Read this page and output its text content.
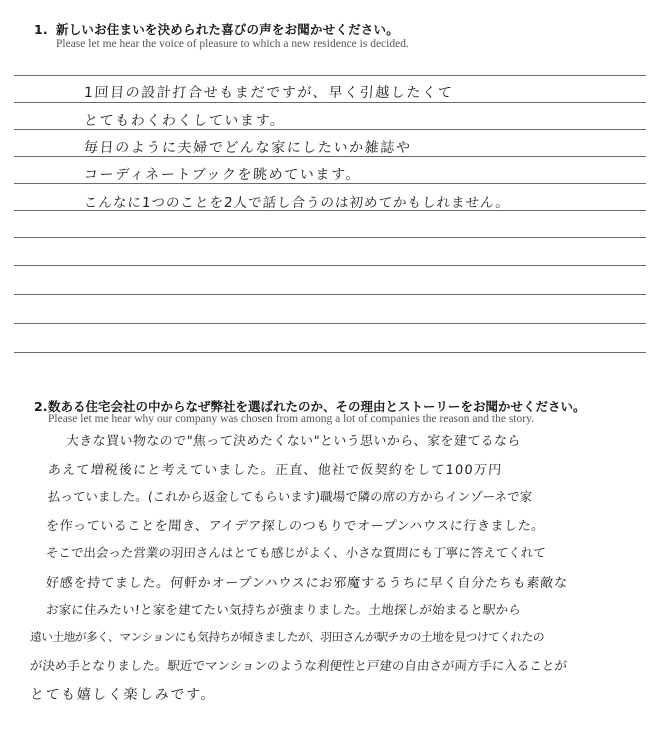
1. 新しいお住まいを決められた喜びの声をお聞かせください。
Please let me hear the voice of pleasure to which a new residence is decided.
1回目の設計打合せもまだですが、早く引越したくて
とてもわくわくしています。
毎日のように夫婦でどんな家にしたいか雑誌や
コーディネートブックを眺めています。
こんなに1つのことを2人で話し合うのは初めてかもしれません。
2.数ある住宅会社の中からなぜ弊社を選ばれたのか、その理由とストーリーをお聞かせください。
Please let me hear why our company was chosen from among a lot of companies the reason and the story.
大きな買い物なので"焦って決めたくない"という思いから、家を建てるなら
あえて増税後にと考えていました。正直、他社で仮契約をして100万円
払っていました。(これから返金してもらいます)職場で隣の席の方からインゾーネで家
を作っていることを聞き、アイデア探しのつもりでオープンハウスに行きました。
そこで出会った営業の羽田さんはとても感じがよく、小さな質問にも丁寧に答えてくれて
好感を持てました。何軒かオープンハウスにお邪魔するうちに早く自分たちも素敵な
お家に住みたい!と家を建てたい気持ちが強まりました。土地探しが始まると駅から
遠い土地が多く、マンションにも気持ちが傾きましたが、羽田さんが駅チカの土地を見つけてくれたの
が決め手となりました。駅近でマンションのような利便性と戸建の自由さが両方手に入ることが
とても嬉しく楽しみです。
